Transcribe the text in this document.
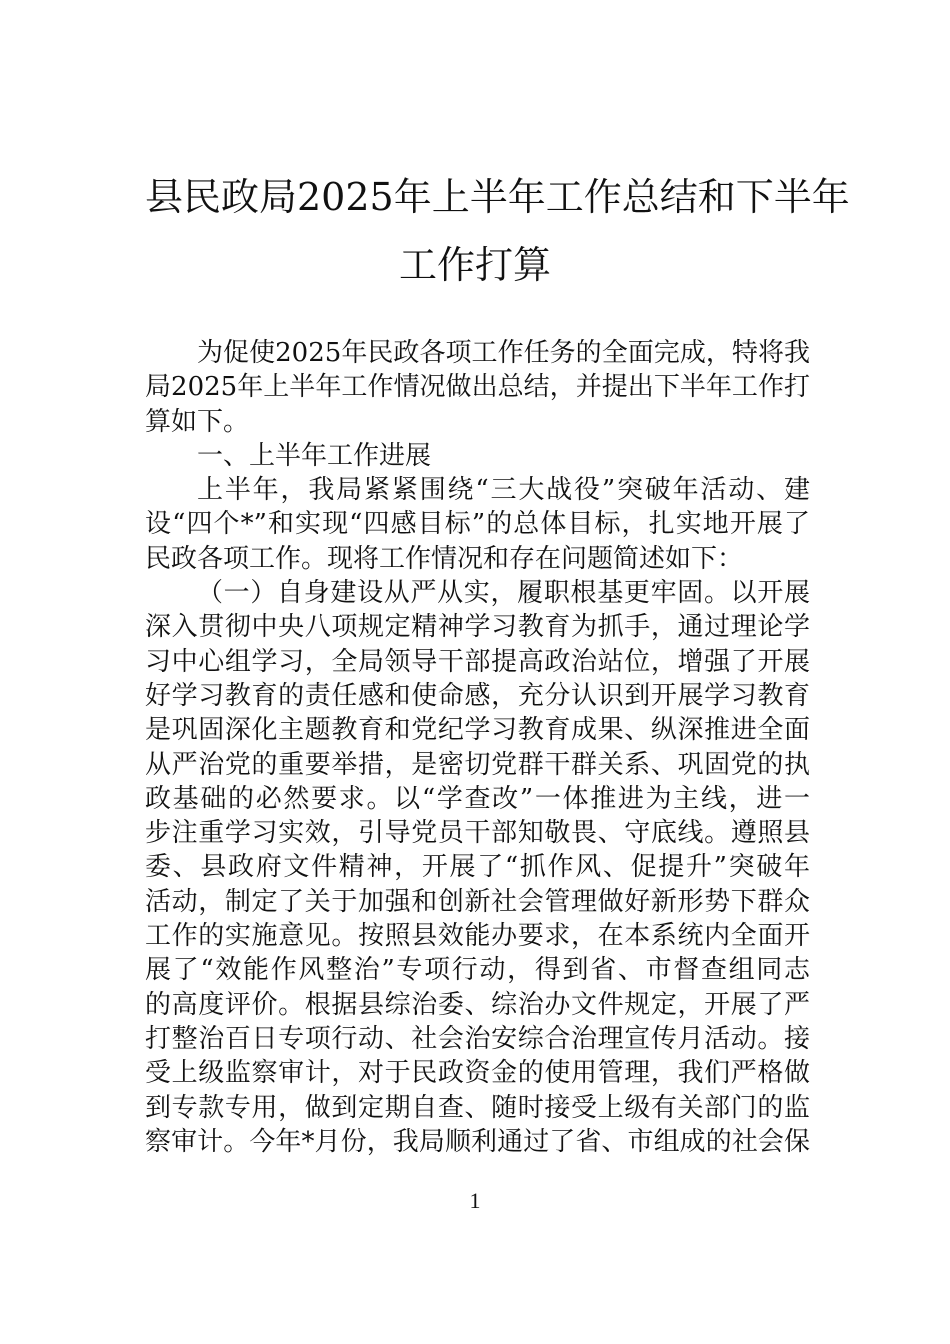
县民政局2025年上半年工作总结和下半年
工作打算
为促使2025年民政各项工作任务的全面完成，特将我
局2025年上半年工作情况做出总结，并提出下半年工作打
算如下。
一、上半年工作进展
上半年，我局紧紧围绕“三大战役”突破年活动、建
设“四个*”和实现“四感目标”的总体目标，扎实地开展了
民政各项工作。现将工作情况和存在问题简述如下：
（一）自身建设从严从实，履职根基更牢固。以开展
深入贯彻中央八项规定精神学习教育为抓手，通过理论学
习中心组学习，全局领导干部提高政治站位，增强了开展
好学习教育的责任感和使命感，充分认识到开展学习教育
是巩固深化主题教育和党纪学习教育成果、纵深推进全面
从严治党的重要举措，是密切党群干群关系、巩固党的执
政基础的必然要求。以“学查改”一体推进为主线，进一
步注重学习实效，引导党员干部知敬畏、守底线。遵照县
委、县政府文件精神，开展了“抓作风、促提升”突破年
活动，制定了关于加强和创新社会管理做好新形势下群众
工作的实施意见。按照县效能办要求，在本系统内全面开
展了“效能作风整治”专项行动，得到省、市督查组同志
的高度评价。根据县综治委、综治办文件规定，开展了严
打整治百日专项行动、社会治安综合治理宣传月活动。接
受上级监察审计，对于民政资金的使用管理，我们严格做
到专款专用，做到定期自查、随时接受上级有关部门的监
察审计。今年*月份，我局顺利通过了省、市组成的社会保
1
